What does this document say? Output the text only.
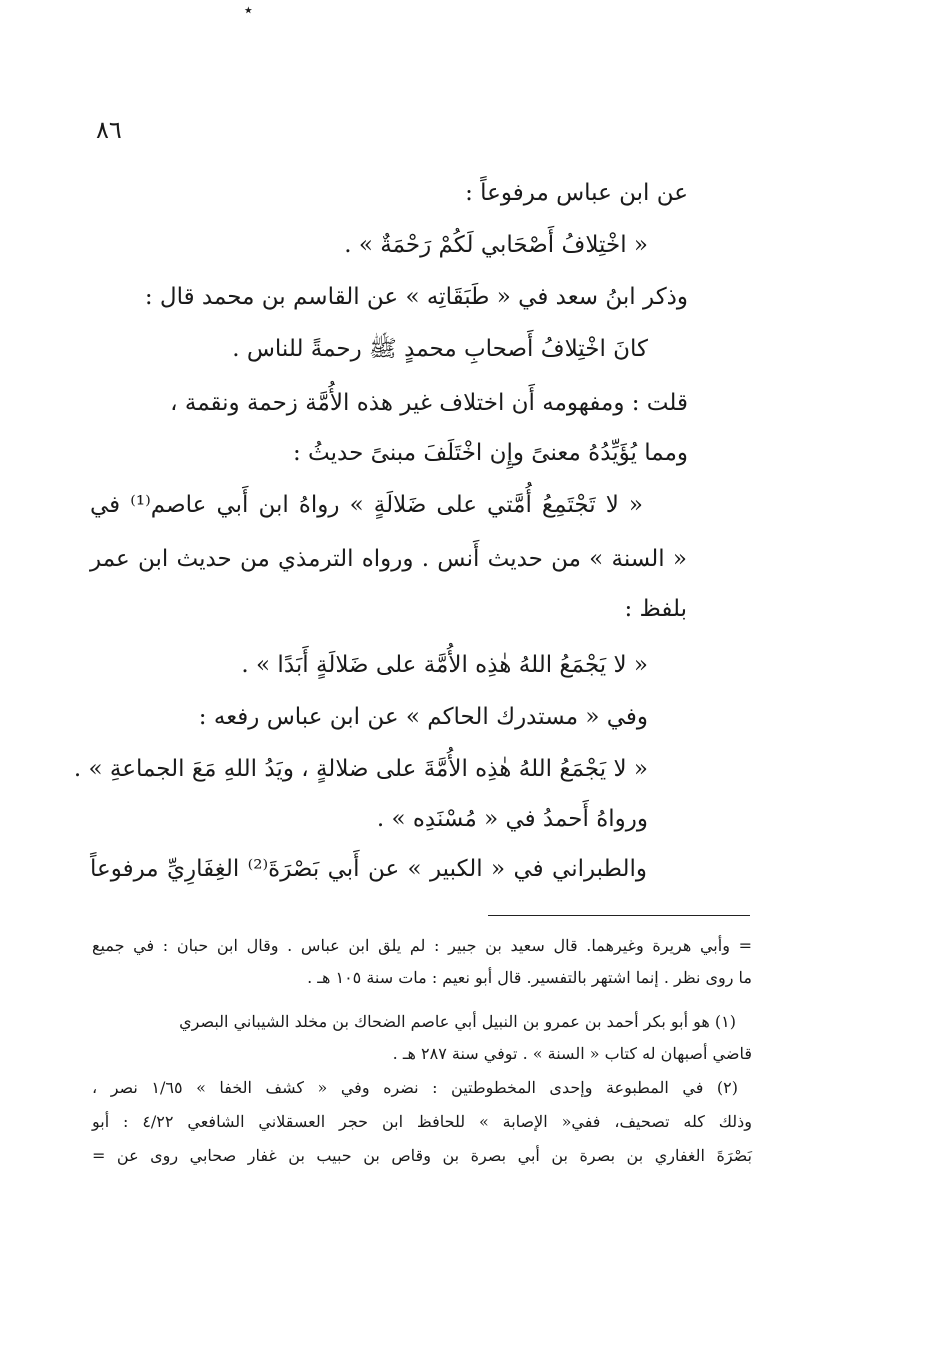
٭
٨٦
عن ابن عباس مرفوعاً :
« اخْتِلافُ أَصْحَابي لَكُمْ رَحْمَةٌ » .
وذكر ابنُ سعد في « طَبَقَاتِه » عن القاسم بن محمد قال :
كانَ اخْتِلافُ أَصحابِ محمدٍ ﷺ رحمةً للناس .
قلت : ومفهومه أَن اختلاف غير هذه الأُمَّة زحمة ونقمة ،
ومما يُؤَيِّدُهُ معنىً وإِن اخْتَلَفَ مبنىً حديثُ :
« لا تَجْتَمِعُ أُمَّتي على ضَلالَةٍ » رواهُ ابن أَبي عاصم⁽¹⁾ في
« السنة » من حديث أَنس . ورواه الترمذي من حديث ابن عمر
بلفظ :
« لا يَجْمَعُ اللهُ هٰذِه الأُمَّة على ضَلالَةٍ أَبَدًا » .
وفي « مستدرك الحاكم » عن ابن عباس رفعه :
« لا يَجْمَعُ اللهُ هٰذِه الأُمَّةَ على ضلالةٍ ، ويَدُ اللهِ مَعَ الجماعةِ » .
ورواهُ أَحمدُ في « مُسْنَدِه » .
والطبراني في « الكبير » عن أَبي بَصْرَةَ⁽²⁾ الغِفَارِيِّ مرفوعاً
= وأبي هريرة وغيرهما. قال سعيد بن جبير : لم يلق ابن عباس . وقال ابن حبان : في جميع
ما روى نظر . إنما اشتهر بالتفسير. قال أبو نعيم : مات سنة ١٠٥ هـ .
(١) هو أبو بكر أحمد بن عمرو بن النبيل أبي عاصم الضحاك بن مخلد الشيباني البصري
قاضي أصبهان له كتاب « السنة » . توفي سنة ٢٨٧ هـ .
(٢) في المطبوعة وإحدى المخطوطتين : نضره وفي « كشف الخفا » ١/٦٥ نصر ،
وذلك كله تصحيف، ففي« الإصابة » للحافظ ابن حجر العسقلاني الشافعي ٤/٢٢ : أبو
بَصْرَةَ الغفاري بن بصرة بن أبي بصرة بن وقاص بن حبيب بن غفار صحابي روى عن =
